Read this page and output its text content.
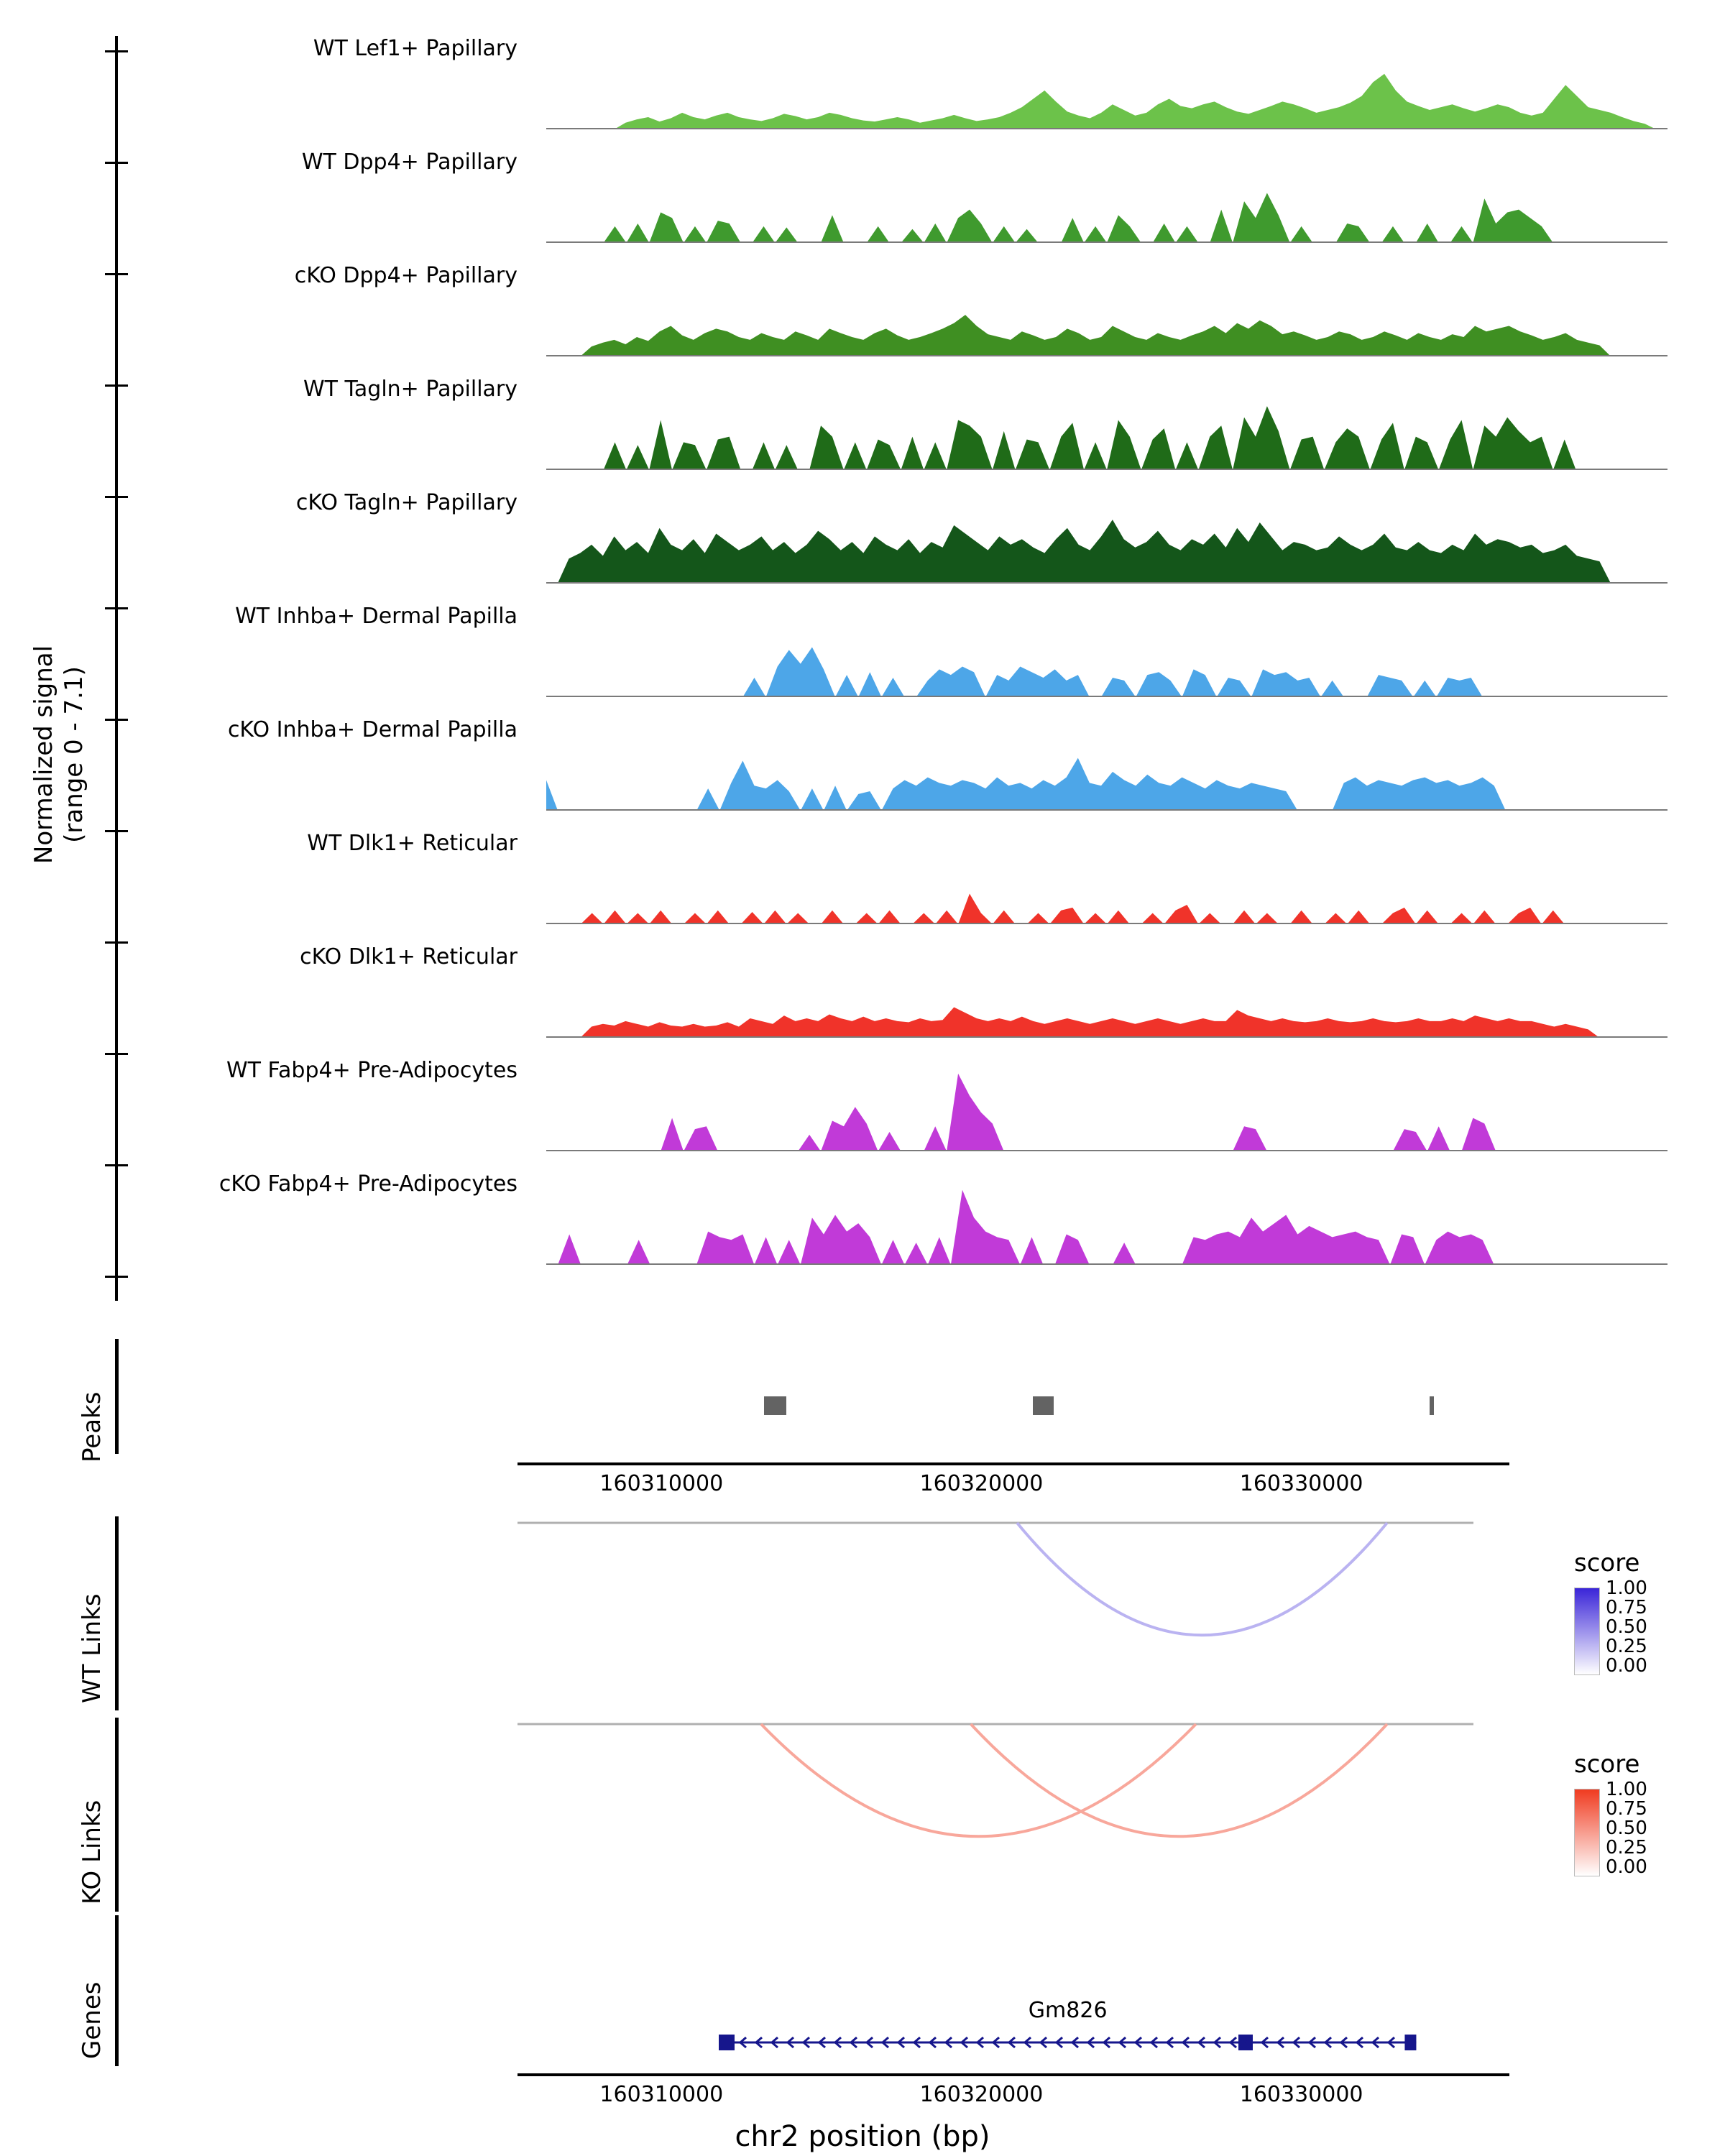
Normalized signal (range 0 - 7.1)
WT Lef1+ Papillary
WT Dpp4+ Papillary
cKO Dpp4+ Papillary
WT Tagln+ Papillary
cKO Tagln+ Papillary
WT Inhba+ Dermal Papilla
cKO Inhba+ Dermal Papilla
WT Dlk1+ Reticular
cKO Dlk1+ Reticular
WT Fabp4+ Pre-Adipocytes
cKO Fabp4+ Pre-Adipocytes
Peaks
160310000	160320000	160330000
WT Links
score
1.00
0.75
0.50
0.25
0.00
KO Links
score
1.00
0.75
0.50
0.25
0.00
Genes	Gm826
160310000	160320000	160330000
chr2 position (bp)
